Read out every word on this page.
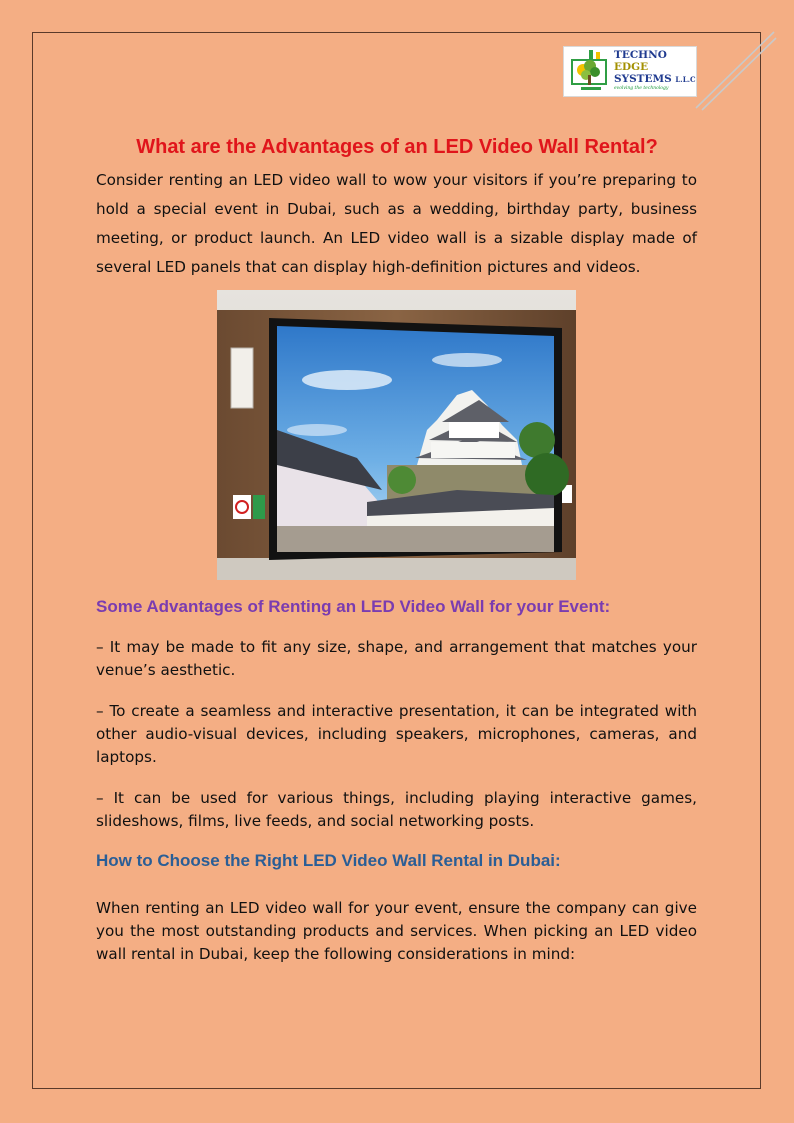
TECHNO
EDGE
SYSTEMS L.L.C
evolving the technology
What are the Advantages of an LED Video Wall Rental?

Consider renting an LED video wall to wow your visitors if you’re preparing to hold a special event in Dubai, such as a wedding, birthday party, business meeting, or product launch. An LED video wall is a sizable display made of several LED panels that can display high-definition pictures and videos.

Some Advantages of Renting an LED Video Wall for your Event:

– It may be made to fit any size, shape, and arrangement that matches your venue’s aesthetic.

– To create a seamless and interactive presentation, it can be integrated with other audio-visual devices, including speakers, microphones, cameras, and laptops.

– It can be used for various things, including playing interactive games, slideshows, films, live feeds, and social networking posts.

How to Choose the Right LED Video Wall Rental in Dubai:

When renting an LED video wall for your event, ensure the company can give you the most outstanding products and services. When picking an LED video wall rental in Dubai, keep the following considerations in mind:
